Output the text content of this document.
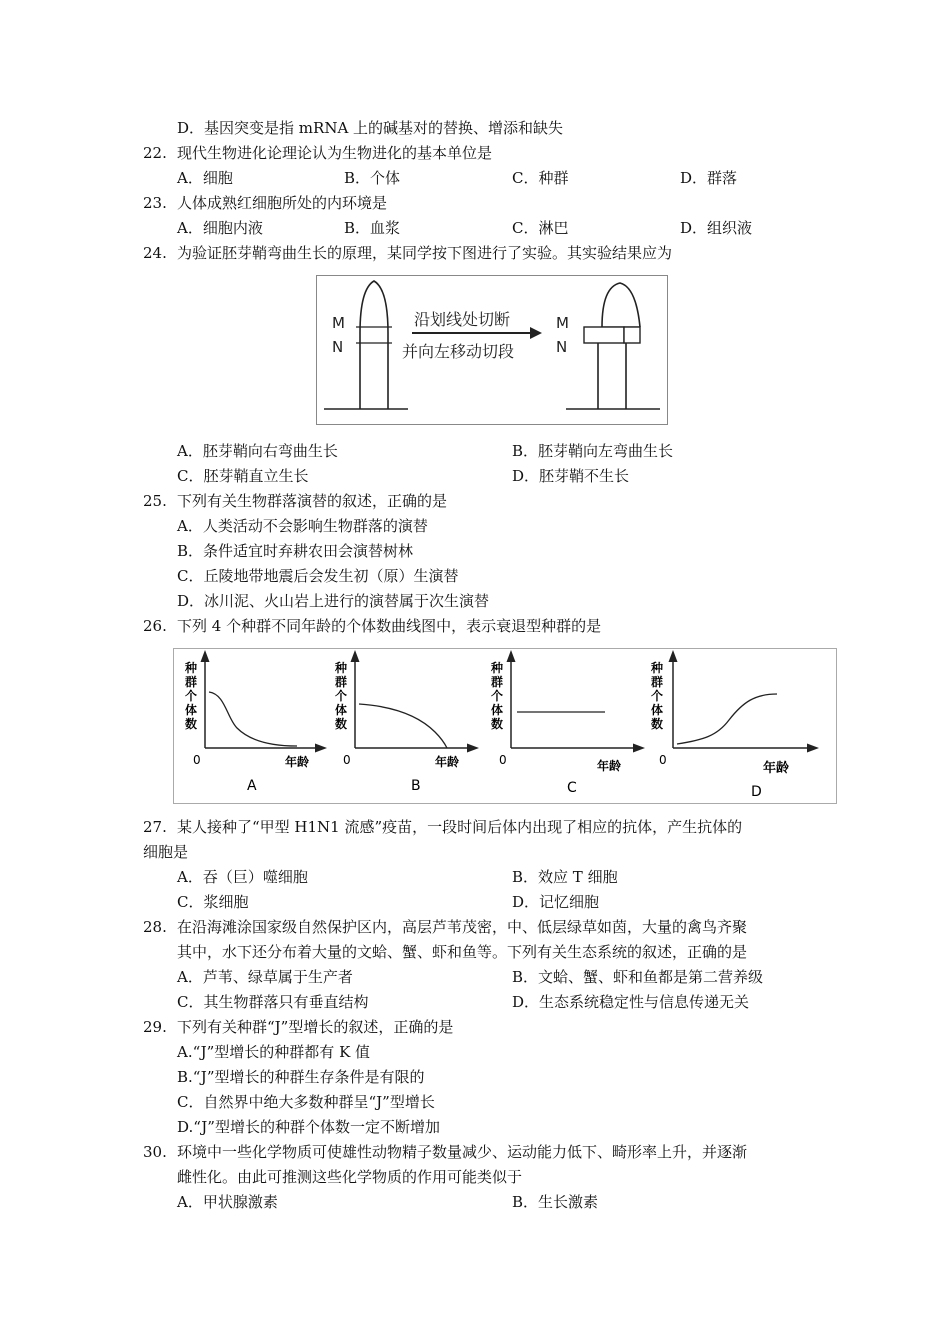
D．基因突变是指 mRNA 上的碱基对的替换、增添和缺失
22. 现代生物进化论理论认为生物进化的基本单位是
A．细胞	B．个体	C．种群	D．群落
23. 人体成熟红细胞所处的内环境是
A．细胞内液	B．血浆	C．淋巴	D．组织液
24. 为验证胚芽鞘弯曲生长的原理，某同学按下图进行了实验。其实验结果应为
M
N
沿划线处切断
并向左移动切段
M
N
A．胚芽鞘向右弯曲生长	B．胚芽鞘向左弯曲生长
C．胚芽鞘直立生长	D．胚芽鞘不生长
25. 下列有关生物群落演替的叙述，正确的是
A．人类活动不会影响生物群落的演替
B．条件适宜时弃耕农田会演替树林
C．丘陵地带地震后会发生初（原）生演替
D．冰川泥、火山岩上进行的演替属于次生演替
26. 下列 4 个种群不同年龄的个体数曲线图中，表示衰退型种群的是
种
群
个
体
数
0	年龄
A
种
群
个
体
数
0	年龄
B
种
群
个
体
数
0	年龄
C
种
群
个
体
数
0
年龄
D
27. 某人接种了“甲型 H1N1 流感”疫苗，一段时间后体内出现了相应的抗体，产生抗体的
细胞是
A．吞（巨）噬细胞	B．效应 T 细胞
C．浆细胞	D．记忆细胞
28. 在沿海滩涂国家级自然保护区内，高层芦苇茂密，中、低层绿草如茵，大量的禽鸟齐聚
其中，水下还分布着大量的文蛤、蟹、虾和鱼等。下列有关生态系统的叙述，正确的是
A．芦苇、绿草属于生产者	B．文蛤、蟹、虾和鱼都是第二营养级
C．其生物群落只有垂直结构	D．生态系统稳定性与信息传递无关
29. 下列有关种群“J”型增长的叙述，正确的是
A.“J”型增长的种群都有 K 值
B.“J”型增长的种群生存条件是有限的
C．自然界中绝大多数种群呈“J”型增长
D.“J”型增长的种群个体数一定不断增加
30. 环境中一些化学物质可使雄性动物精子数量减少、运动能力低下、畸形率上升，并逐渐
雌性化。由此可推测这些化学物质的作用可能类似于
A．甲状腺激素	B．生长激素
